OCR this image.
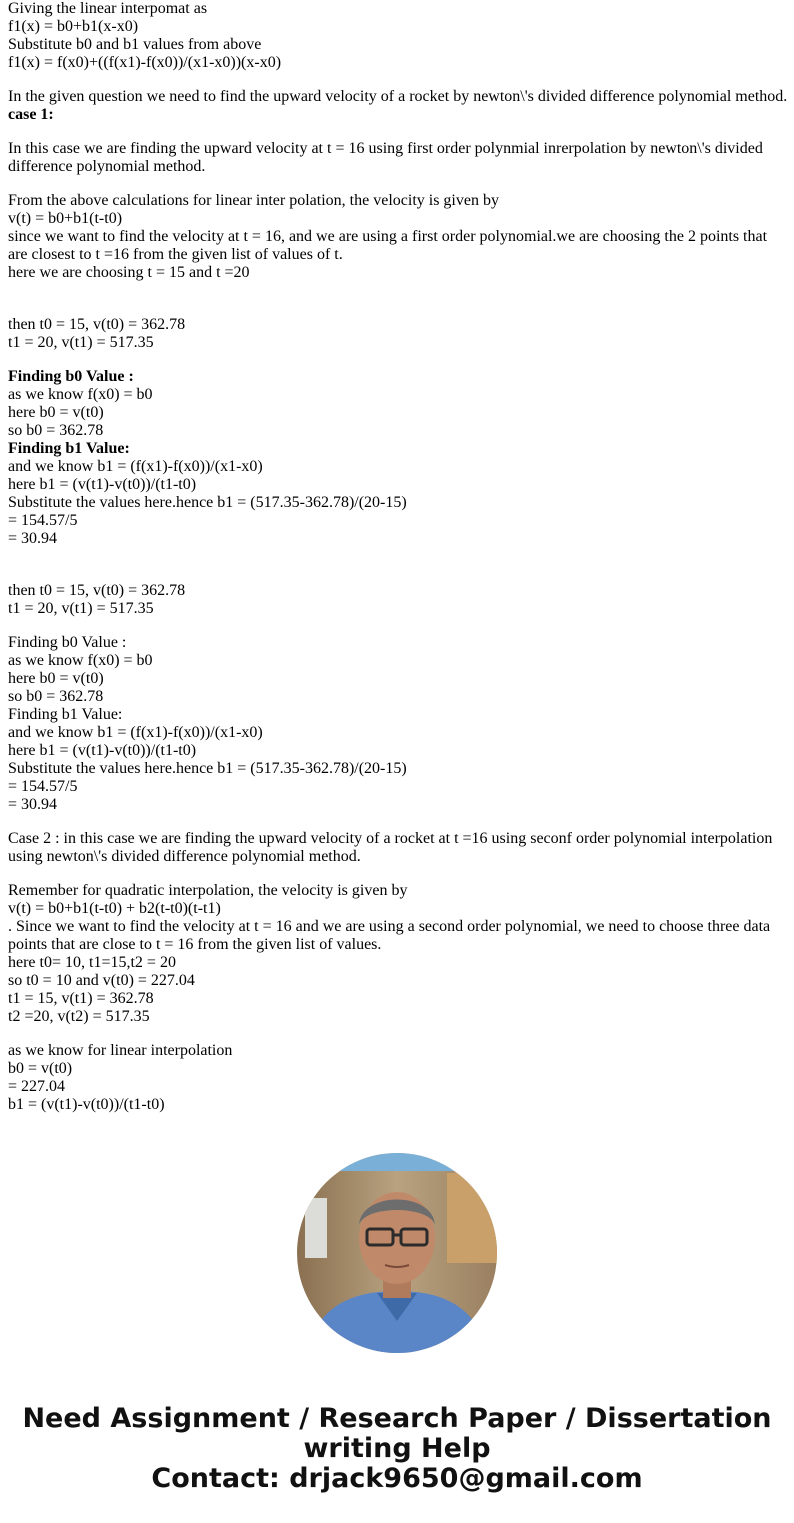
Giving the linear interpomat as
f1(x) = b0+b1(x-x0)
Substitute b0 and b1 values from above
f1(x) = f(x0)+((f(x1)-f(x0))/(x1-x0))(x-x0)
In the given question we need to find the upward velocity of a rocket by newton\'s divided difference polynomial method.
case 1:
In this case we are finding the upward velocity at t = 16 using first order polynmial inrerpolation by newton\'s divided difference polynomial method.
From the above calculations for linear inter polation, the velocity is given by
v(t) = b0+b1(t-t0)
since we want to find the velocity at t = 16, and we are using a first order polynomial.we are choosing the 2 points that are closest to t =16 from the given list of values of t.
here we are choosing t = 15 and t =20
then t0 = 15, v(t0) = 362.78
t1 = 20, v(t1) = 517.35
Finding b0 Value :
as we know f(x0) = b0
here b0 = v(t0)
so b0 = 362.78
Finding b1 Value:
and we know b1 = (f(x1)-f(x0))/(x1-x0)
here b1 = (v(t1)-v(t0))/(t1-t0)
Substitute the values here.hence b1 = (517.35-362.78)/(20-15)
= 154.57/5
= 30.94
then t0 = 15, v(t0) = 362.78
t1 = 20, v(t1) = 517.35
Finding b0 Value :
as we know f(x0) = b0
here b0 = v(t0)
so b0 = 362.78
Finding b1 Value:
and we know b1 = (f(x1)-f(x0))/(x1-x0)
here b1 = (v(t1)-v(t0))/(t1-t0)
Substitute the values here.hence b1 = (517.35-362.78)/(20-15)
= 154.57/5
= 30.94
Case 2 : in this case we are finding the upward velocity of a rocket at t =16 using seconf order polynomial interpolation using newton\'s divided difference polynomial method.
Remember for quadratic interpolation, the velocity is given by
v(t) = b0+b1(t-t0) + b2(t-t0)(t-t1)
. Since we want to find the velocity at t = 16 and we are using a second order polynomial, we need to choose three data points that are close to t = 16 from the given list of values.
here t0= 10, t1=15,t2 = 20
so t0 = 10 and v(t0) = 227.04
t1 = 15, v(t1) = 362.78
t2 =20, v(t2) = 517.35
as we know for linear interpolation
b0 = v(t0)
= 227.04
b1 = (v(t1)-v(t0))/(t1-t0)
Need Assignment / Research Paper / Dissertation
writing Help
Contact: drjack9650@gmail.com
